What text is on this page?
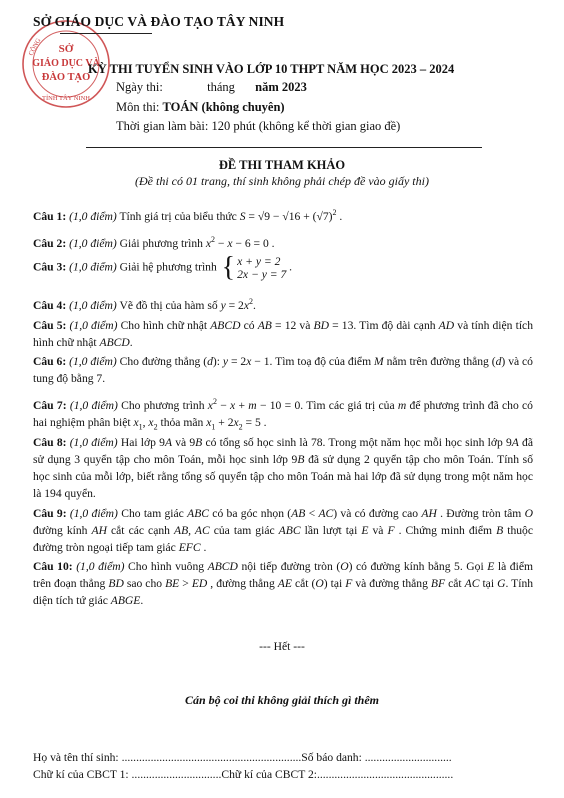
SỞ
GIÁO DỤC VÀ
ĐÀO TẠO
TỈNH TÂY NINH
CÔNG
SỞ GIÁO DỤC VÀ ĐÀO TẠO TÂY NINH
KỲ THI TUYỂN SINH VÀO LỚP 10 THPT NĂM HỌC 2023 – 2024
Ngày thi:	tháng năm 2023
Môn thi: TOÁN (không chuyên)
Thời gian làm bài: 120 phút (không kể thời gian giao đề)
ĐỀ THI THAM KHẢO
(Đề thi có 01 trang, thí sinh không phải chép đề vào giấy thi)
Câu 1: (1,0 điểm) Tính giá trị của biểu thức $S = √9 - √16 + (√7)^2$ .
Câu 2: (1,0 điểm) Giải phương trình $x^2 - x - 6 = 0$ .
Câu 3: (1,0 điểm) Giải hệ phương trình { x + y = 2
2x − y = 7 .
Câu 4: (1,0 điểm) Vẽ đồ thị của hàm số $y = 2x^2$.
Câu 5: (1,0 điểm) Cho hình chữ nhật ABCD có AB = 12 và BD = 13. Tìm độ dài cạnh AD và tính diện tích hình chữ nhật ABCD.
Câu 6: (1,0 điểm) Cho đường thẳng (d): y = 2x − 1. Tìm toạ độ của điểm M nằm trên đường thẳng (d) và có tung độ bằng 7.
Câu 7: (1,0 điểm) Cho phương trình $x^2 - x + m - 10 = 0$. Tìm các giá trị của m để phương trình đã cho có hai nghiệm phân biệt $x_1$, $x_2$ thỏa mãn $x_1 + 2x_2 = 5$ .
Câu 8: (1,0 điểm) Hai lớp 9A và 9B có tổng số học sinh là 78. Trong một năm học mỗi học sinh lớp 9A đã sử dụng 3 quyển tập cho môn Toán, mỗi học sinh lớp 9B đã sử dụng 2 quyển tập cho môn Toán. Tính số học sinh của mỗi lớp, biết rằng tổng số quyển tập cho môn Toán mà hai lớp đã sử dụng trong một năm học là 194 quyển.
Câu 9: (1,0 điểm) Cho tam giác ABC có ba góc nhọn (AB < AC) và có đường cao AH . Đường tròn tâm O đường kính AH cắt các cạnh AB, AC của tam giác ABC lần lượt tại E và F . Chứng minh điểm B thuộc đường tròn ngoại tiếp tam giác EFC .
Câu 10: (1,0 điểm) Cho hình vuông ABCD nội tiếp đường tròn (O) có đường kính bằng 5. Gọi E là điểm trên đoạn thẳng BD sao cho BE > ED , đường thẳng AE cắt (O) tại F và đường thẳng BF cắt AC tại G. Tính diện tích tứ giác ABGE.
--- Hết ---
Cán bộ coi thi không giải thích gì thêm
Họ và tên thí sinh: ..............................................................Số báo danh: ..............................
Chữ kí của CBCT 1: ...............................Chữ kí của CBCT 2:...............................................
